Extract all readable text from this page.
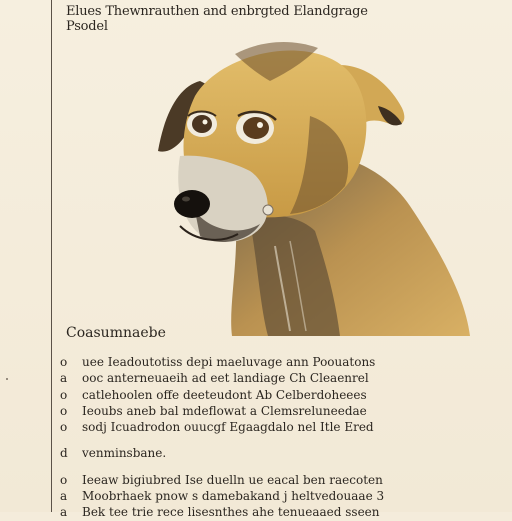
Elues Thewnrauthen and enbrgted Elandgrage
Psodel
Coasumnaebe
o	uee Ieadoutotiss depi maeluvage ann Poouatons
a	ooc anterneuaeih ad eet landiage Ch Cleaenrel
o	catlehoolen offe deeteudont Ab Celberdoheees
o	Ieoubs aneb bal mdeflowat a Clemsreluneedae
o	sodj Icuadrodon ouucgf Egaagdalo nel Itle Ered
d	venminsbane.
o	Ieeaw bigiubred Ise duelln ue eacal ben raecoten
a	Moobrhaek pnow s damebakand j heltvedouaae 3
a	Bek tee trie rece lisesnthes ahe tenueaaed sseen
